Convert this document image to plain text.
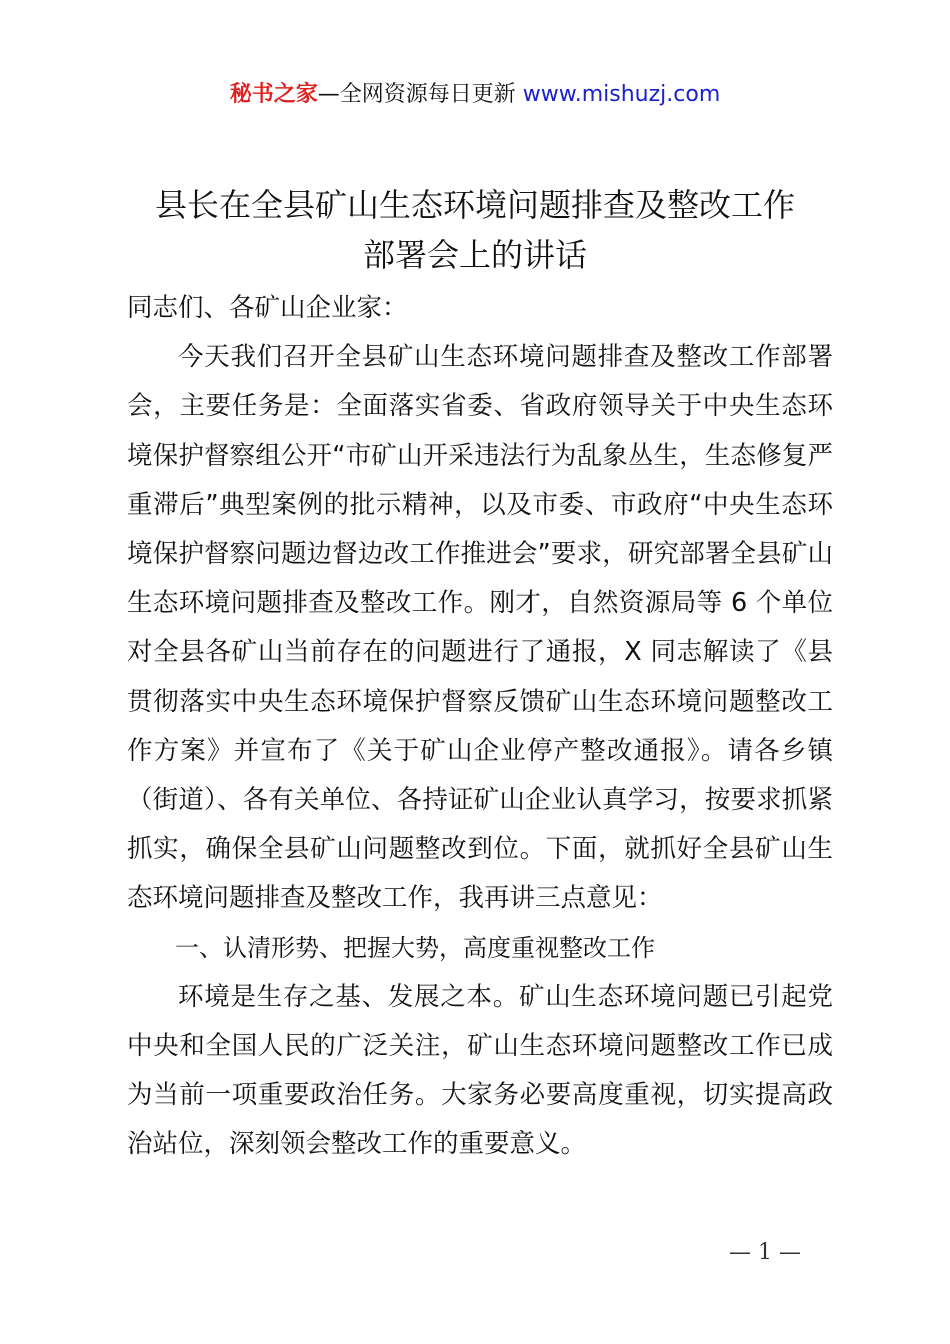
秘书之家—全网资源每日更新 www.mishuzj.com
县长在全县矿山生态环境问题排查及整改工作
部署会上的讲话

同志们、各矿山企业家：

今天我们召开全县矿山生态环境问题排查及整改工作部署会，主要任务是：全面落实省委、省政府领导关于中央生态环境保护督察组公开“市矿山开采违法行为乱象丛生，生态修复严重滞后”典型案例的批示精神，以及市委、市政府“中央生态环境保护督察问题边督边改工作推进会”要求，研究部署全县矿山生态环境问题排查及整改工作。刚才，自然资源局等 6 个单位对全县各矿山当前存在的问题进行了通报，X 同志解读了《县贯彻落实中央生态环境保护督察反馈矿山生态环境问题整改工作方案》并宣布了《关于矿山企业停产整改通报》。请各乡镇（街道）、各有关单位、各持证矿山企业认真学习，按要求抓紧抓实，确保全县矿山问题整改到位。下面，就抓好全县矿山生态环境问题排查及整改工作，我再讲三点意见：

一、认清形势、把握大势，高度重视整改工作

环境是生存之基、发展之本。矿山生态环境问题已引起党中央和全国人民的广泛关注，矿山生态环境问题整改工作已成为当前一项重要政治任务。大家务必要高度重视，切实提高政治站位，深刻领会整改工作的重要意义。

— 1 —
